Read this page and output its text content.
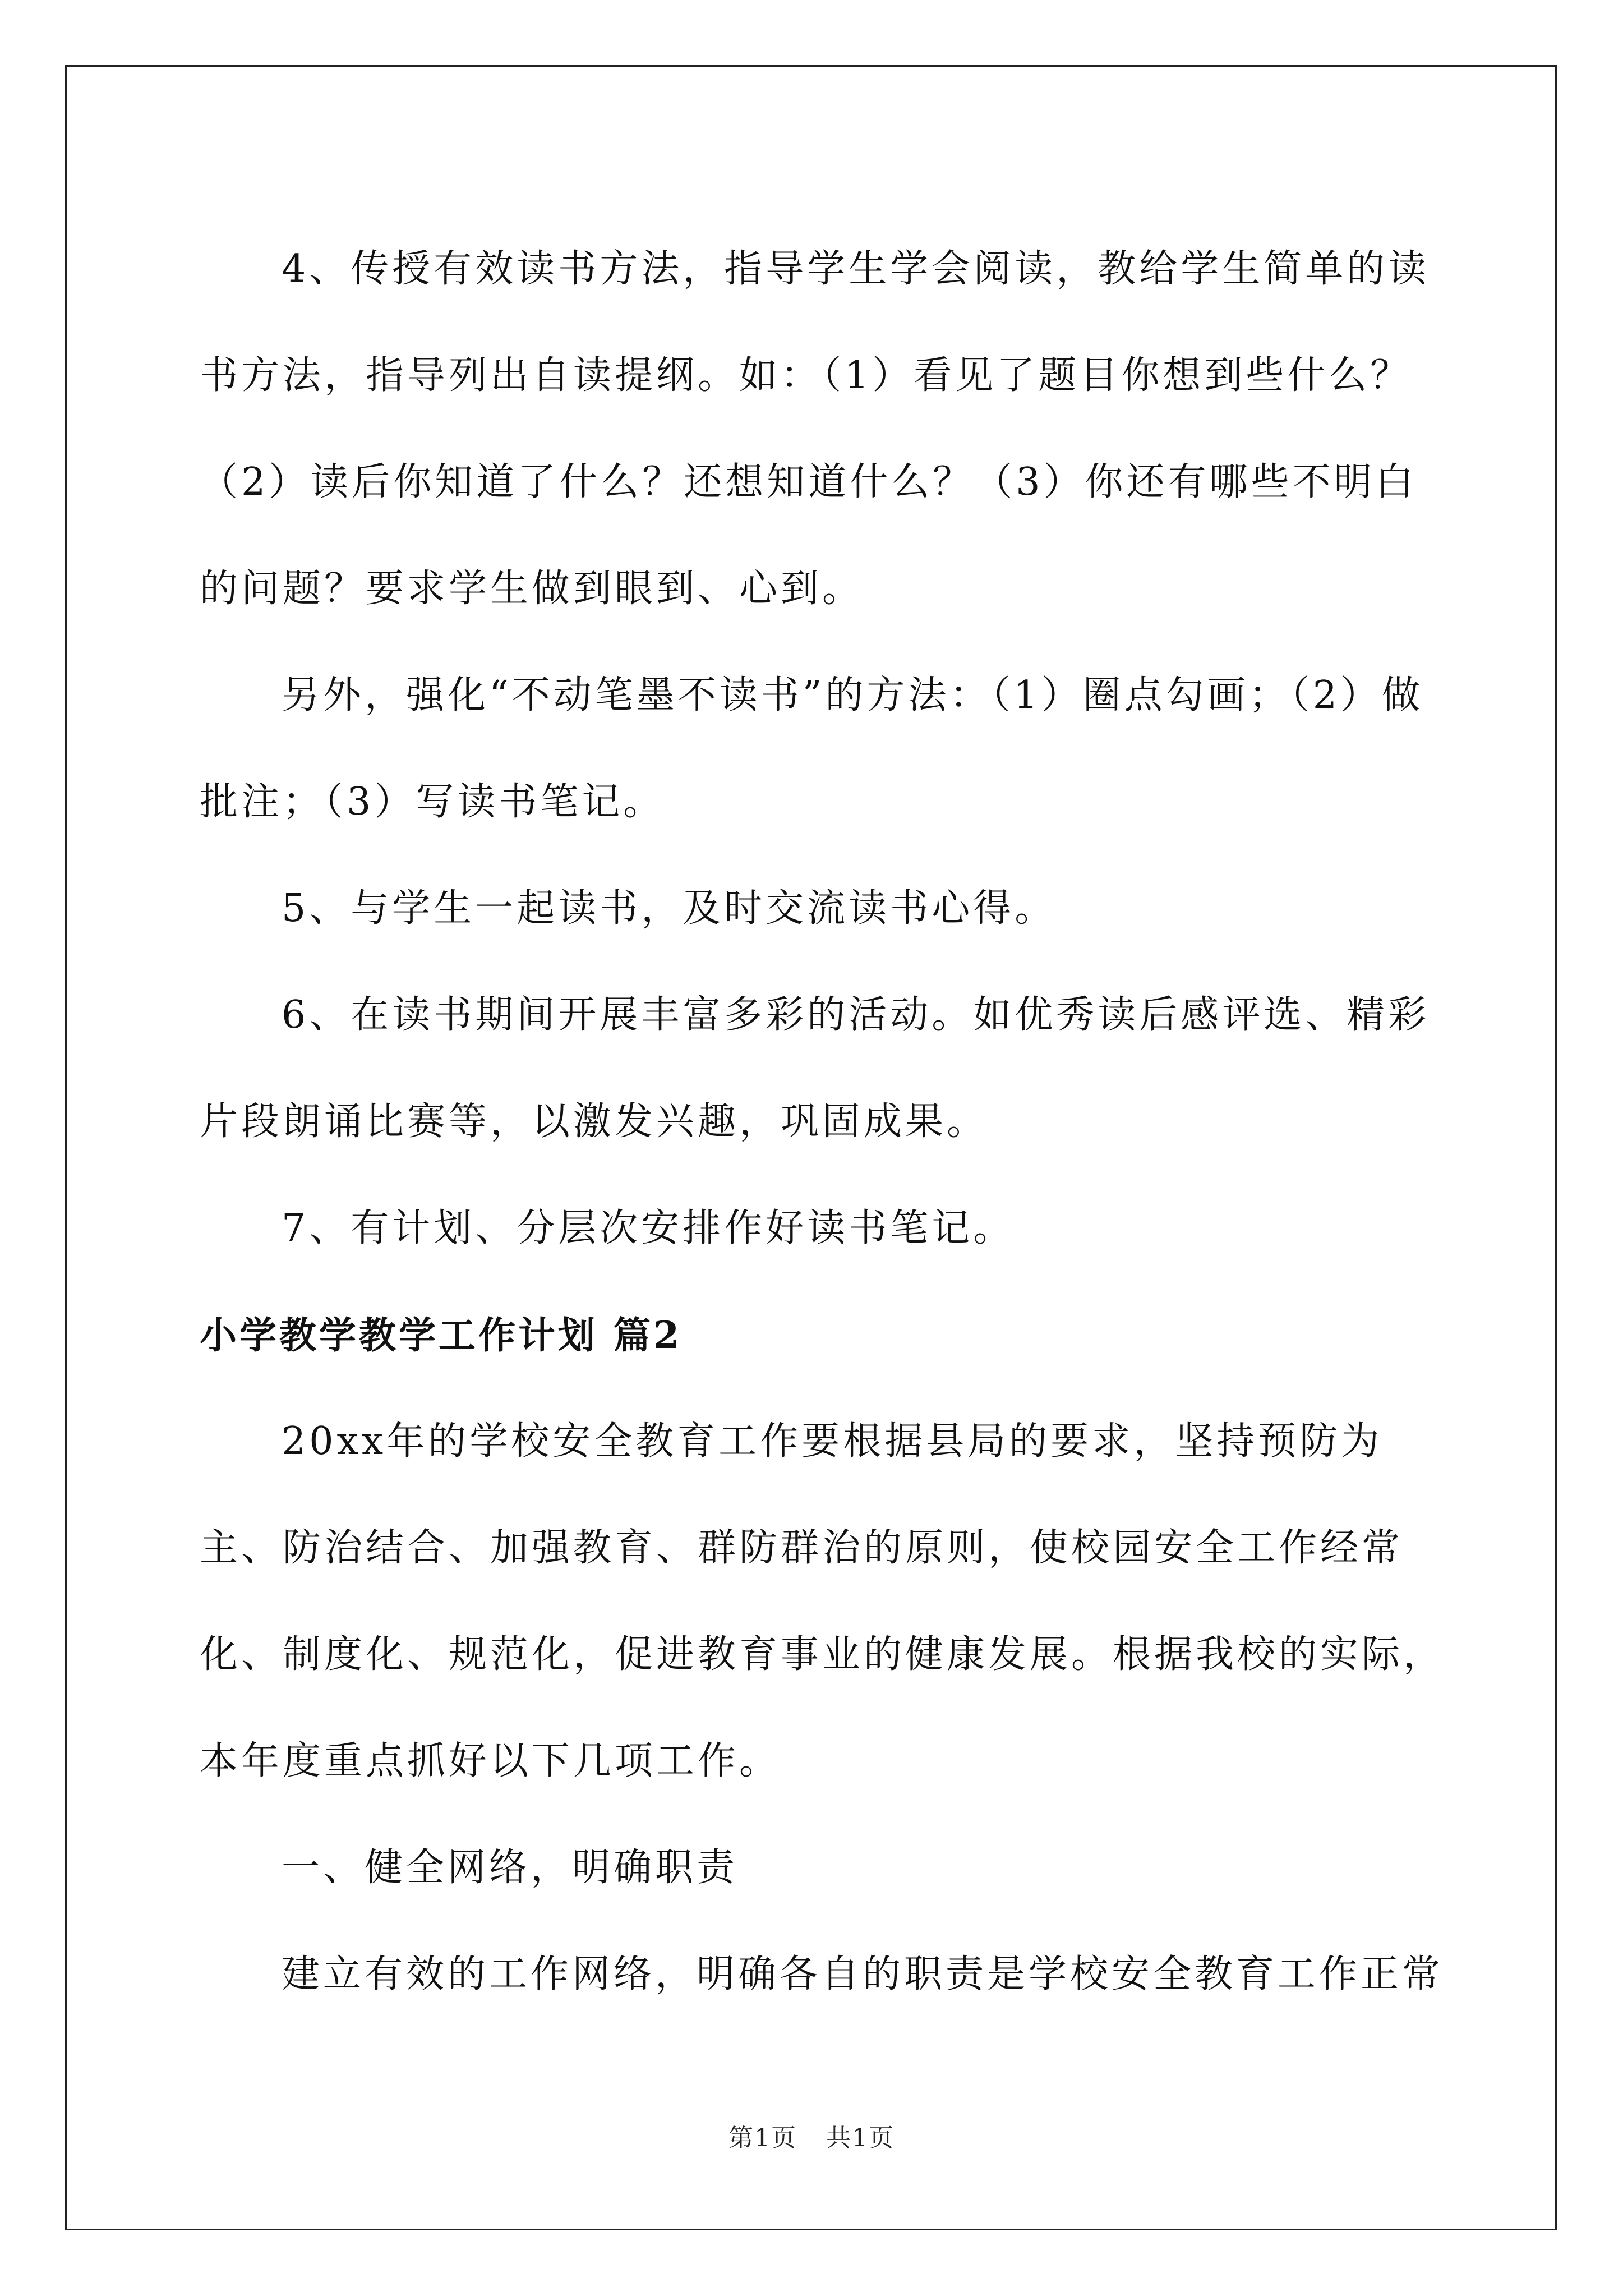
4、传授有效读书方法，指导学生学会阅读，教给学生简单的读书方法，指导列出自读提纲。如：（1）看见了题目你想到些什么？（2）读后你知道了什么？还想知道什么？（3）你还有哪些不明白的问题？要求学生做到眼到、心到。

另外，强化“不动笔墨不读书”的方法：（1）圈点勾画；（2）做批注；（3）写读书笔记。

5、与学生一起读书，及时交流读书心得。

6、在读书期间开展丰富多彩的活动。如优秀读后感评选、精彩片段朗诵比赛等，以激发兴趣，巩固成果。

7、有计划、分层次安排作好读书笔记。

小学教学教学工作计划 篇2

20xx年的学校安全教育工作要根据县局的要求，坚持预防为主、防治结合、加强教育、群防群治的原则，使校园安全工作经常化、制度化、规范化，促进教育事业的健康发展。根据我校的实际，本年度重点抓好以下几项工作。

一、健全网络，明确职责

建立有效的工作网络，明确各自的职责是学校安全教育工作正常

第1页 共1页
